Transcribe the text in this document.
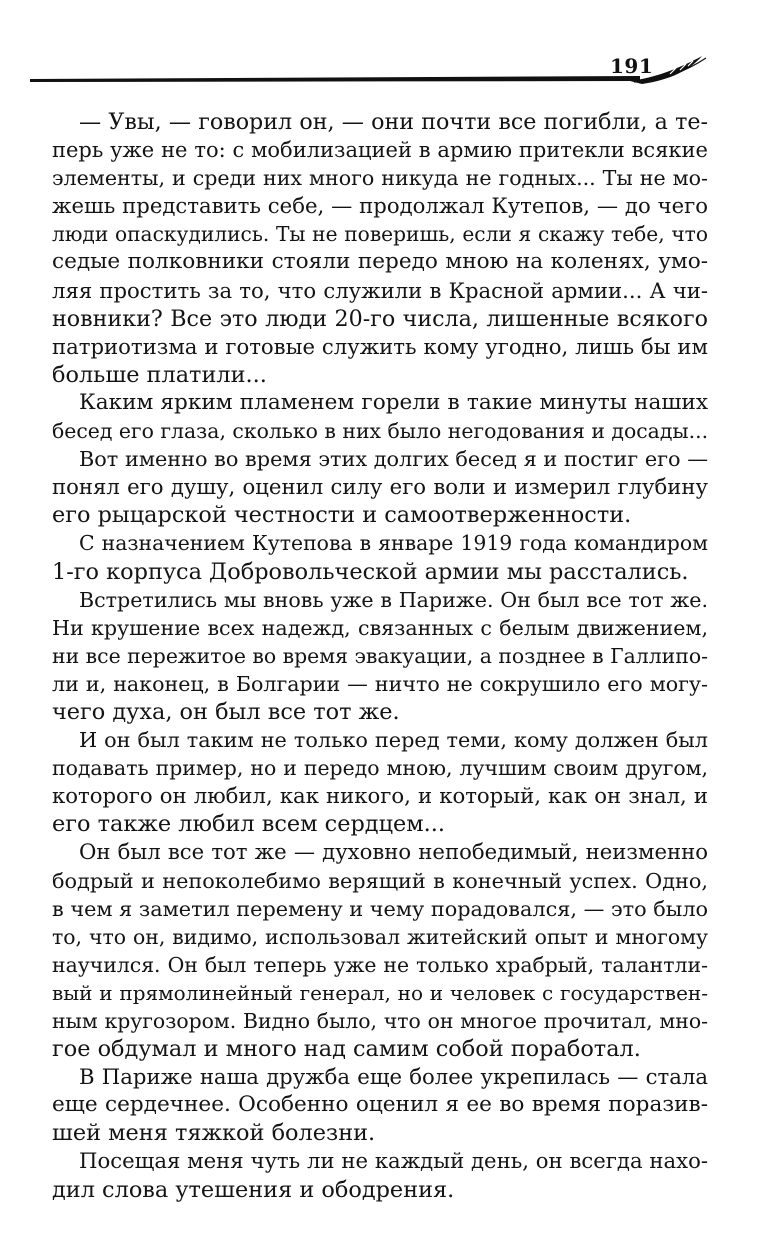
191
— Увы, — говорил он, — они почти все погибли, а те-
перь уже не то: с мобилизацией в армию притекли всякие
элементы, и среди них много никуда не годных... Ты не мо-
жешь представить себе, — продолжал Кутепов, — до чего
люди опаскудились. Ты не поверишь, если я скажу тебе, что
седые полковники стояли передо мною на коленях, умо-
ляя простить за то, что служили в Красной армии... А чи-
новники? Все это люди 20-го числа, лишенные всякого
патриотизма и готовые служить кому угодно, лишь бы им
больше платили...
Каким ярким пламенем горели в такие минуты наших
бесед его глаза, сколько в них было негодования и досады...
Вот именно во время этих долгих бесед я и постиг его —
понял его душу, оценил силу его воли и измерил глубину
его рыцарской честности и самоотверженности.
С назначением Кутепова в январе 1919 года командиром
1-го корпуса Добровольческой армии мы расстались.
Встретились мы вновь уже в Париже. Он был все тот же.
Ни крушение всех надежд, связанных с белым движением,
ни все пережитое во время эвакуации, а позднее в Галлипо-
ли и, наконец, в Болгарии — ничто не сокрушило его могу-
чего духа, он был все тот же.
И он был таким не только перед теми, кому должен был
подавать пример, но и передо мною, лучшим своим другом,
которого он любил, как никого, и который, как он знал, и
его также любил всем сердцем...
Он был все тот же — духовно непобедимый, неизменно
бодрый и непоколебимо верящий в конечный успех. Одно,
в чем я заметил перемену и чему порадовался, — это было
то, что он, видимо, использовал житейский опыт и многому
научился. Он был теперь уже не только храбрый, талантли-
вый и прямолинейный генерал, но и человек с государствен-
ным кругозором. Видно было, что он многое прочитал, мно-
гое обдумал и много над самим собой поработал.
В Париже наша дружба еще более укрепилась — стала
еще сердечнее. Особенно оценил я ее во время поразив-
шей меня тяжкой болезни.
Посещая меня чуть ли не каждый день, он всегда нахо-
дил слова утешения и ободрения.
